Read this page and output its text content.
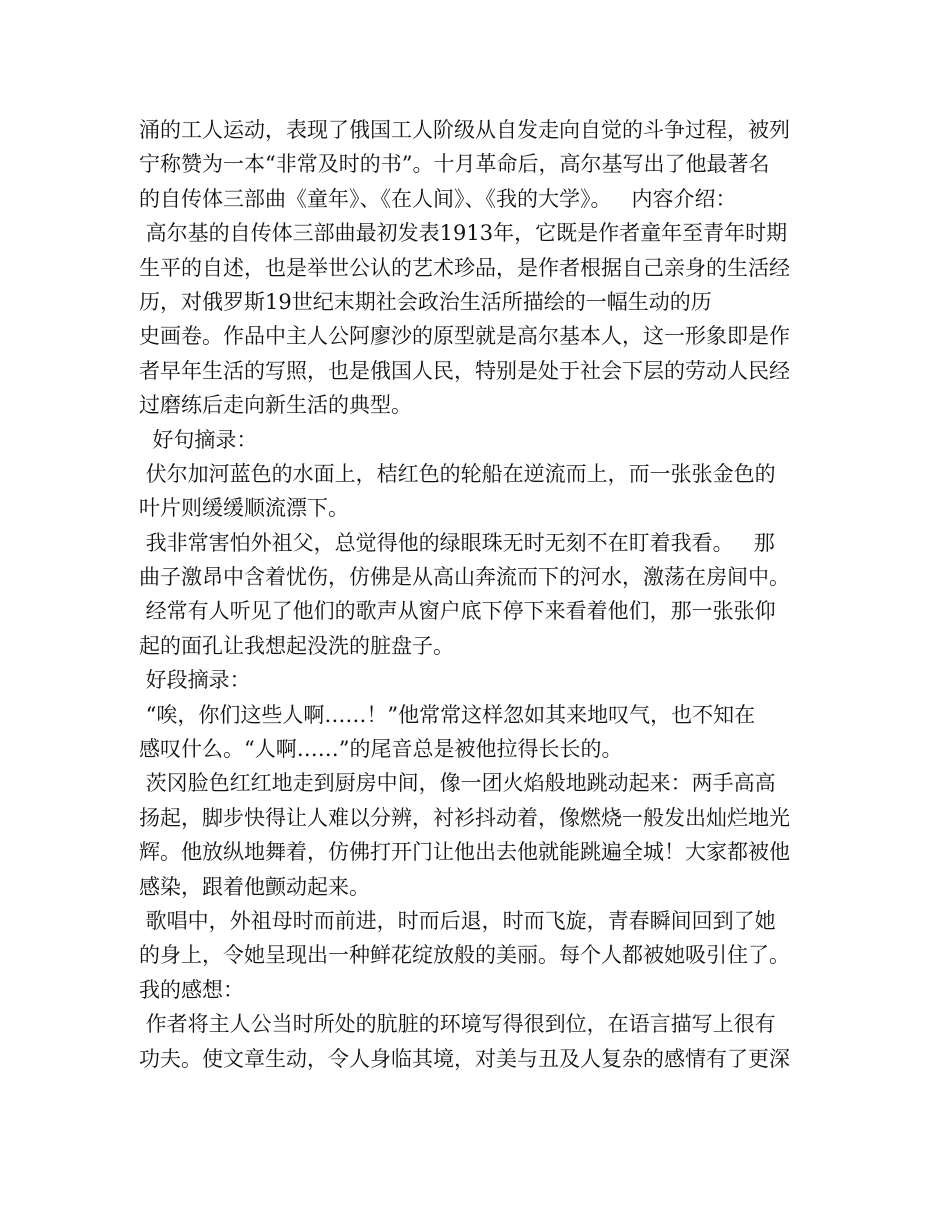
涌的工人运动，表现了俄国工人阶级从自发走向自觉的斗争过程，被列
宁称赞为一本“非常及时的书”。十月革命后，高尔基写出了他最著名
的自传体三部曲《童年》、《在人间》、《我的大学》。   内容介绍：
高尔基的自传体三部曲最初发表1913年，它既是作者童年至青年时期
生平的自述，也是举世公认的艺术珍品，是作者根据自己亲身的生活经
历，对俄罗斯19世纪末期社会政治生活所描绘的一幅生动的历
史画卷。作品中主人公阿廖沙的原型就是高尔基本人，这一形象即是作
者早年生活的写照，也是俄国人民，特别是处于社会下层的劳动人民经
过磨练后走向新生活的典型。
好句摘录：
伏尔加河蓝色的水面上，桔红色的轮船在逆流而上，而一张张金色的
叶片则缓缓顺流漂下。
我非常害怕外祖父，总觉得他的绿眼珠无时无刻不在盯着我看。   那
曲子激昂中含着忧伤，仿佛是从高山奔流而下的河水，激荡在房间中。
经常有人听见了他们的歌声从窗户底下停下来看着他们，那一张张仰
起的面孔让我想起没洗的脏盘子。
好段摘录：
“唉，你们这些人啊……！”他常常这样忽如其来地叹气，也不知在
感叹什么。“人啊……”的尾音总是被他拉得长长的。
茨冈脸色红红地走到厨房中间，像一团火焰般地跳动起来：两手高高
扬起，脚步快得让人难以分辨，衬衫抖动着，像燃烧一般发出灿烂地光
辉。他放纵地舞着，仿佛打开门让他出去他就能跳遍全城！大家都被他
感染，跟着他颤动起来。
歌唱中，外祖母时而前进，时而后退，时而飞旋，青春瞬间回到了她
的身上，令她呈现出一种鲜花绽放般的美丽。每个人都被她吸引住了。
我的感想：
作者将主人公当时所处的肮脏的环境写得很到位，在语言描写上很有
功夫。使文章生动，令人身临其境，对美与丑及人复杂的感情有了更深
